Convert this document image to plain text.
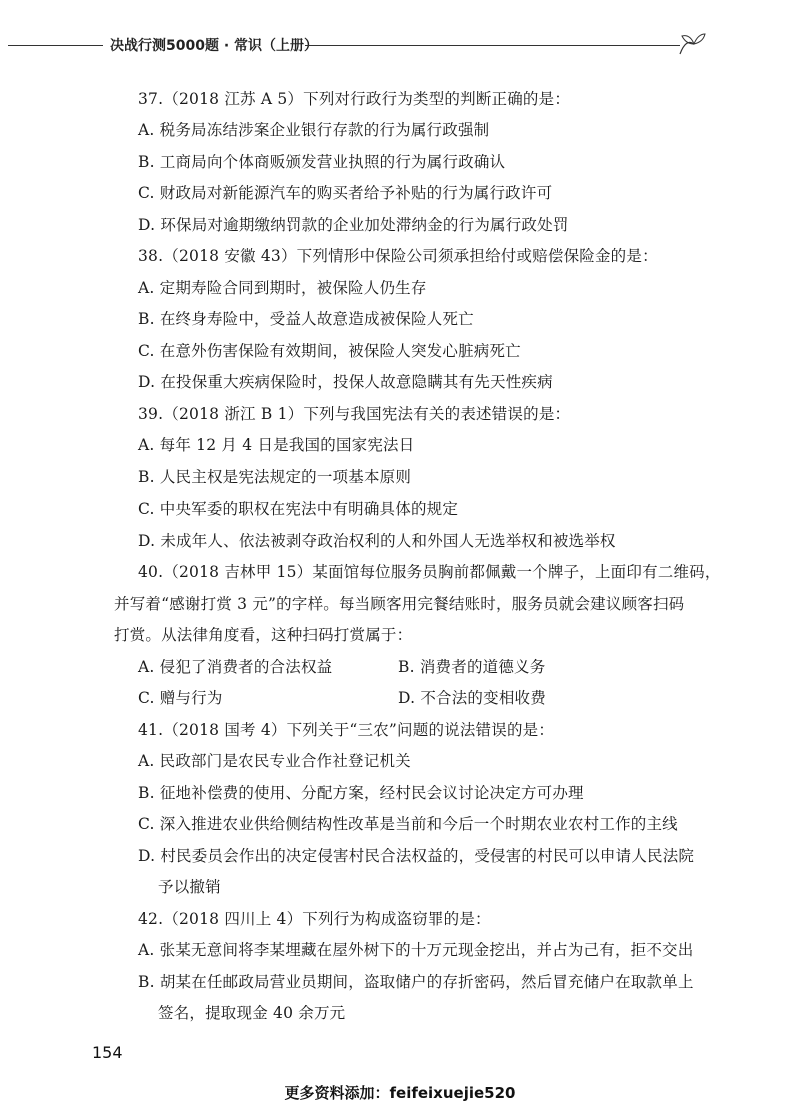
决战行测5000题 · 常识（上册）
37.（2018 江苏 A 5）下列对行政行为类型的判断正确的是：
A. 税务局冻结涉案企业银行存款的行为属行政强制
B. 工商局向个体商贩颁发营业执照的行为属行政确认
C. 财政局对新能源汽车的购买者给予补贴的行为属行政许可
D. 环保局对逾期缴纳罚款的企业加处滞纳金的行为属行政处罚
38.（2018 安徽 43）下列情形中保险公司须承担给付或赔偿保险金的是：
A. 定期寿险合同到期时，被保险人仍生存
B. 在终身寿险中，受益人故意造成被保险人死亡
C. 在意外伤害保险有效期间，被保险人突发心脏病死亡
D. 在投保重大疾病保险时，投保人故意隐瞒其有先天性疾病
39.（2018 浙江 B 1）下列与我国宪法有关的表述错误的是：
A. 每年 12 月 4 日是我国的国家宪法日
B. 人民主权是宪法规定的一项基本原则
C. 中央军委的职权在宪法中有明确具体的规定
D. 未成年人、依法被剥夺政治权利的人和外国人无选举权和被选举权
40.（2018 吉林甲 15）某面馆每位服务员胸前都佩戴一个牌子，上面印有二维码，
并写着“感谢打赏 3 元”的字样。每当顾客用完餐结账时，服务员就会建议顾客扫码
打赏。从法律角度看，这种扫码打赏属于：
A. 侵犯了消费者的合法权益	B. 消费者的道德义务
C. 赠与行为	D. 不合法的变相收费
41.（2018 国考 4）下列关于“三农”问题的说法错误的是：
A. 民政部门是农民专业合作社登记机关
B. 征地补偿费的使用、分配方案，经村民会议讨论决定方可办理
C. 深入推进农业供给侧结构性改革是当前和今后一个时期农业农村工作的主线
D. 村民委员会作出的决定侵害村民合法权益的，受侵害的村民可以申请人民法院
予以撤销
42.（2018 四川上 4）下列行为构成盗窃罪的是：
A. 张某无意间将李某埋藏在屋外树下的十万元现金挖出，并占为己有，拒不交出
B. 胡某在任邮政局营业员期间，盗取储户的存折密码，然后冒充储户在取款单上
签名，提取现金 40 余万元
154
更多资料添加：feifeixuejie520
